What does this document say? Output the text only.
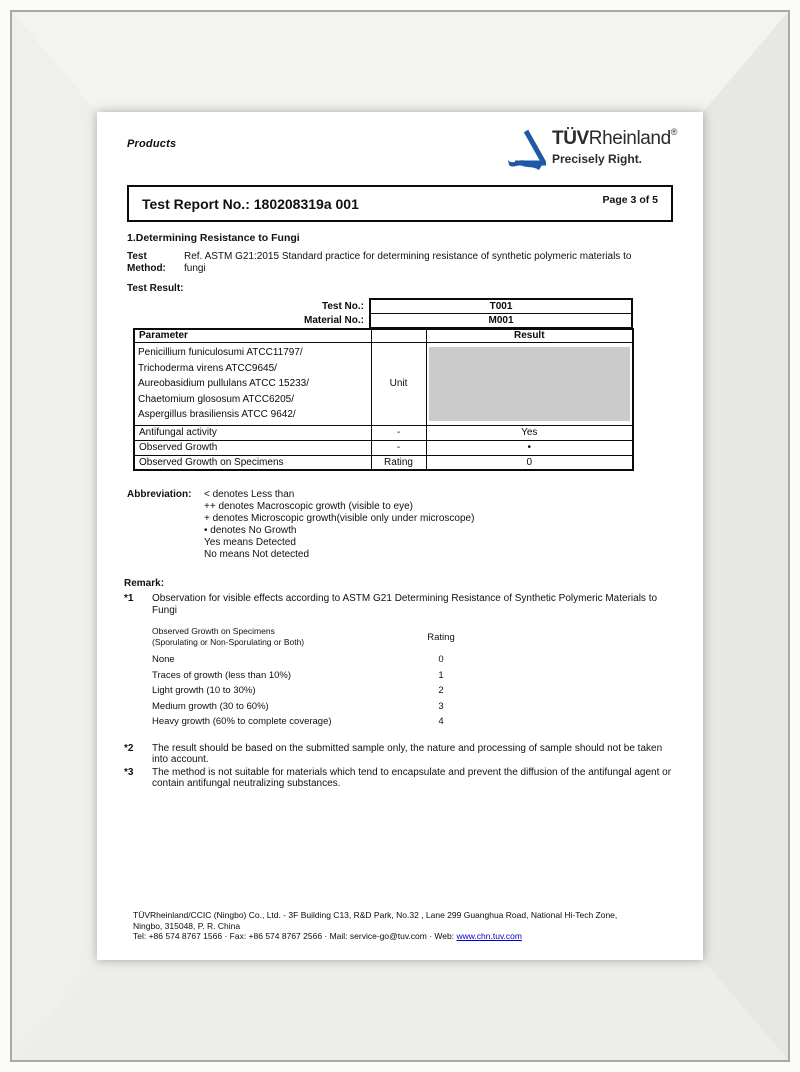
Products	TÜVRheinland®
Precisely Right.
Test Report No.: 180208319a 001	Page 3 of 5
1.Determining Resistance to Fungi
Test Method:
Ref. ASTM G21:2015 Standard practice for determining resistance of synthetic polymeric materials to fungi
Test Result:
Test No.:	T001
Material No.:	M001
Parameter		Result

Penicillium funiculosumi ATCC11797/
Trichoderma virens ATCC9645/
Aureobasidium pullulans ATCC 15233/
Chaetomium glososum ATCC6205/
Aspergillus brasiliensis ATCC 9642/	Unit	

Antifungal activity	-	Yes
Observed Growth	-	•
Observed Growth on Specimens	Rating	0
Abbreviation:	< denotes Less than
++ denotes Macroscopic growth (visible to eye)
+ denotes Microscopic growth(visible only under microscope)
• denotes No Growth
Yes means Detected
No means Not detected
Remark:
*1	Observation for visible effects according to ASTM G21 Determining Resistance of Synthetic Polymeric Materials to Fungi
Observed Growth on Specimens
(Sporulating or Non-Sporulating or Both)	Rating
None	0
Traces of growth (less than 10%)	1
Light growth (10 to 30%)	2
Medium growth (30 to 60%)	3
Heavy growth (60% to complete coverage)	4
*2	The result should be based on the submitted sample only, the nature and processing of sample should not be taken into account.
*3	The method is not suitable for materials which tend to encapsulate and prevent the diffusion of the antifungal agent or contain antifungal neutralizing substances.
TÜVRheinland/CCIC (Ningbo) Co., Ltd. - 3F Building C13, R&D Park, No.32 , Lane 299 Guanghua Road, National Hi-Tech Zone,
Ningbo, 315048, P. R. China
Tel: +86 574 8767 1566 · Fax: +86 574 8767 2566 · Mail: service-go@tuv.com · Web: www.chn.tuv.com
